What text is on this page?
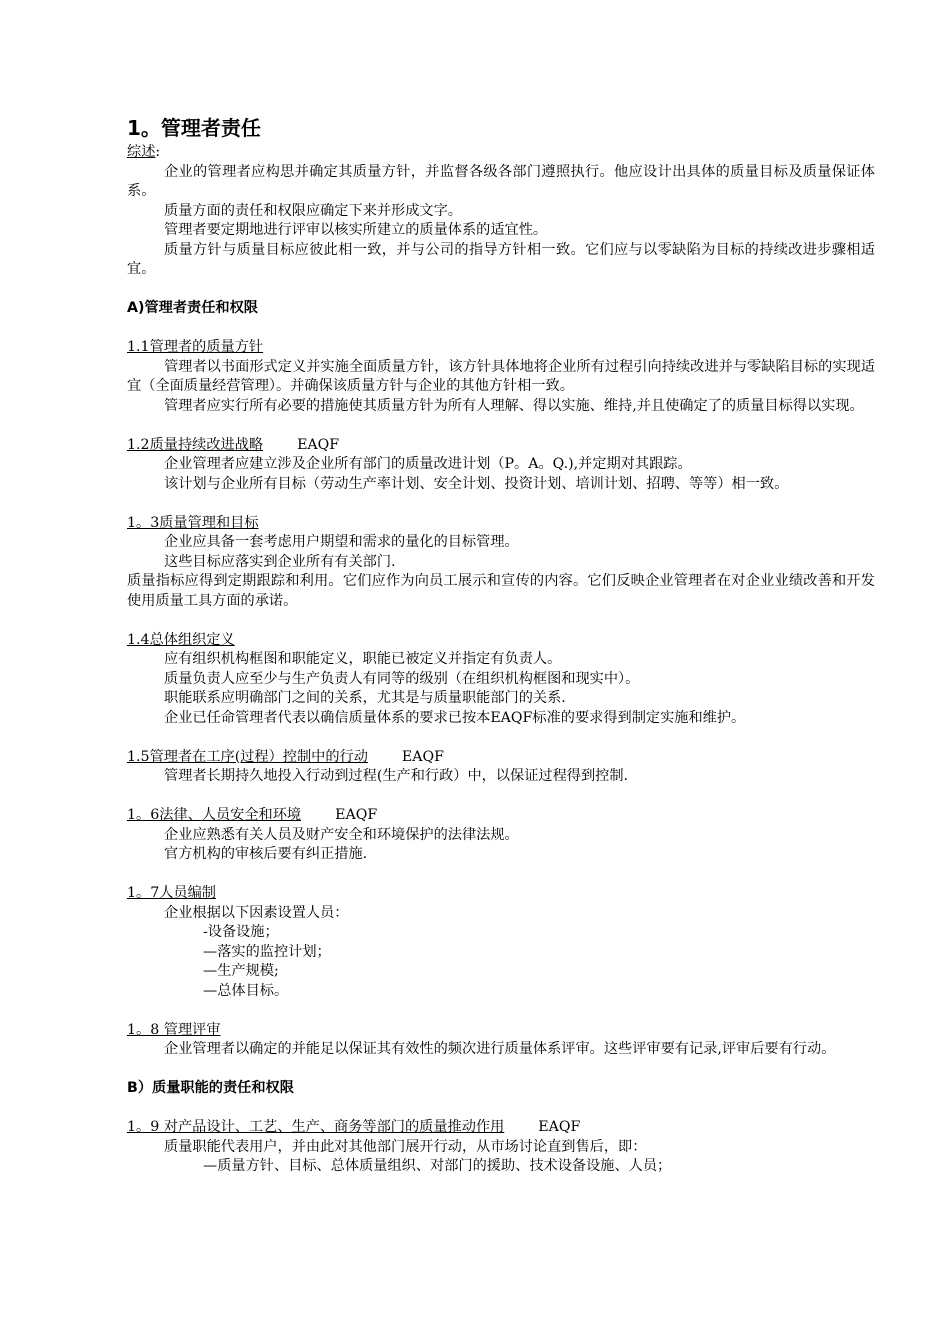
1。管理者责任
综述:

企业的管理者应构思并确定其质量方针，并监督各级各部门遵照执行。他应设计出具体的质量目标及质量保证体系。

质量方面的责任和权限应确定下来并形成文字。

管理者要定期地进行评审以核实所建立的质量体系的适宜性。

质量方针与质量目标应彼此相一致，并与公司的指导方针相一致。它们应与以零缺陷为目标的持续改进步骤相适宜。

A)管理者责任和权限
1.1管理者的质量方针

管理者以书面形式定义并实施全面质量方针，该方针具体地将企业所有过程引向持续改进并与零缺陷目标的实现适宜（全面质量经营管理）。并确保该质量方针与企业的其他方针相一致。

管理者应实行所有必要的措施使其质量方针为所有人理解、得以实施、维持,并且使确定了的质量目标得以实现。

1.2质量持续改进战略 EAQF

企业管理者应建立涉及企业所有部门的质量改进计划（P。A。Q.),并定期对其跟踪。

该计划与企业所有目标（劳动生产率计划、安全计划、投资计划、培训计划、招聘、等等）相一致。

1。3质量管理和目标

企业应具备一套考虑用户期望和需求的量化的目标管理。

这些目标应落实到企业所有有关部门.

质量指标应得到定期跟踪和利用。它们应作为向员工展示和宣传的内容。它们反映企业管理者在对企业业绩改善和开发使用质量工具方面的承诺。

1.4总体组织定义

应有组织机构框图和职能定义，职能已被定义并指定有负责人。

质量负责人应至少与生产负责人有同等的级别（在组织机构框图和现实中）。

职能联系应明确部门之间的关系，尤其是与质量职能部门的关系.

企业已任命管理者代表以确信质量体系的要求已按本EAQF标准的要求得到制定实施和维护。

1.5管理者在工序(过程）控制中的行动 EAQF

管理者长期持久地投入行动到过程(生产和行政）中，以保证过程得到控制.

1。6法律、人员安全和环境 EAQF

企业应熟悉有关人员及财产安全和环境保护的法律法规。

官方机构的审核后要有纠正措施.

1。7人员编制

企业根据以下因素设置人员：

-设备设施；

—落实的监控计划；

—生产规模;

—总体目标。

1。8 管理评审

企业管理者以确定的并能足以保证其有效性的频次进行质量体系评审。这些评审要有记录,评审后要有行动。

B）质量职能的责任和权限
1。9 对产品设计、工艺、生产、商务等部门的质量推动作用 EAQF

质量职能代表用户，并由此对其他部门展开行动，从市场讨论直到售后，即：

—质量方针、目标、总体质量组织、对部门的援助、技术设备设施、人员；
